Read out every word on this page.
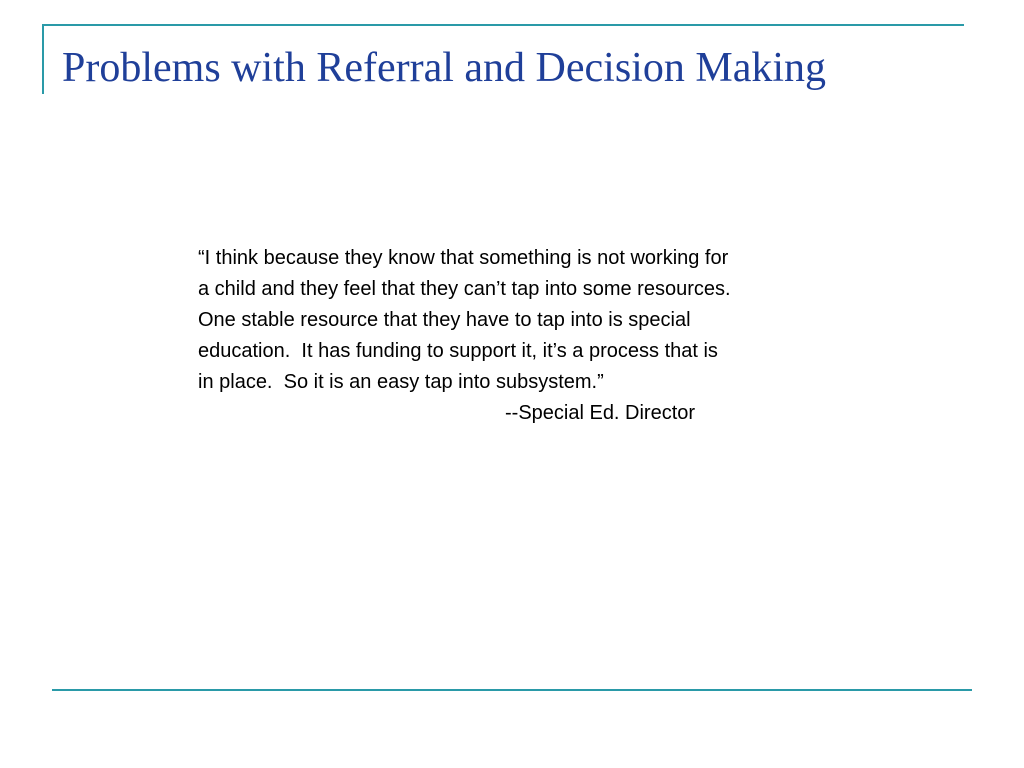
Problems with Referral and Decision Making
“I think because they know that something is not working for
a child and they feel that they can’t tap into some resources.
One stable resource that they have to tap into is special
education.  It has funding to support it, it’s a process that is
in place.  So it is an easy tap into subsystem.”
--Special Ed. Director
